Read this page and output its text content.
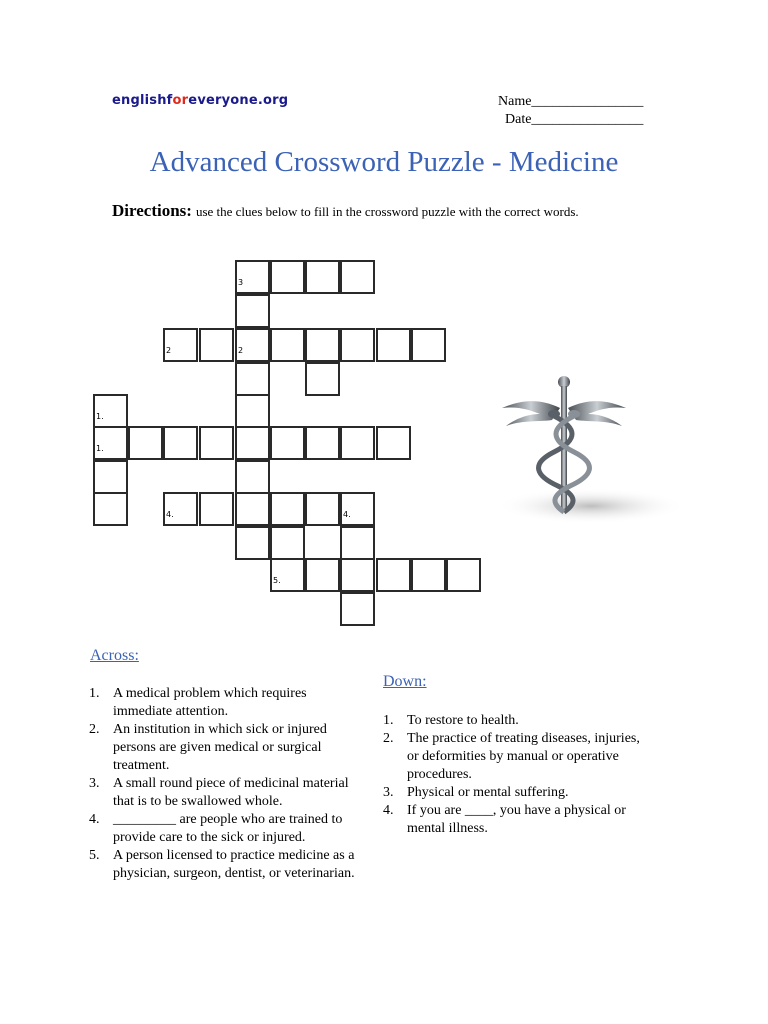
englishforeveryone.org	Name________________
Date________________
Advanced Crossword Puzzle - Medicine
Directions: use the clues below to fill in the crossword puzzle with the correct words.
3
2	2
1.
1.
4.	4.
5.
Across:
1. A medical problem which requires immediate attention.
2. An institution in which sick or injured persons are given medical or surgical treatment.
3. A small round piece of medicinal material that is to be swallowed whole.
4. _________ are people who are trained to provide care to the sick or injured.
5. A person licensed to practice medicine as a physician, surgeon, dentist, or veterinarian.
Down:
1. To restore to health.
2. The practice of treating diseases, injuries, or deformities by manual or operative procedures.
3. Physical or mental suffering.
4. If you are ____, you have a physical or mental illness.
